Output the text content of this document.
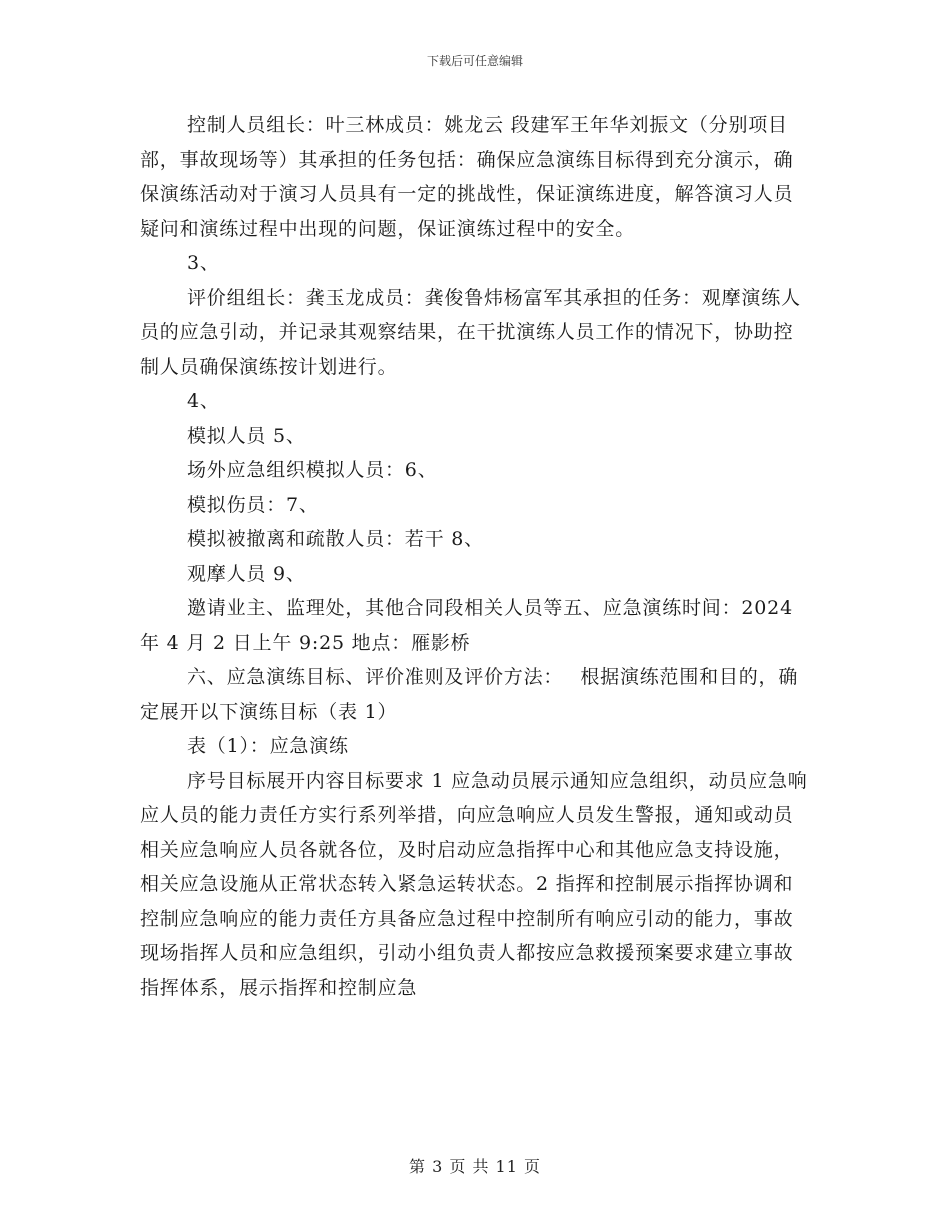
下载后可任意编辑

控制人员组长：叶三林成员：姚龙云 段建军王年华刘振文（分别项目部，事故现场等）其承担的任务包括：确保应急演练目标得到充分演示，确保演练活动对于演习人员具有一定的挑战性，保证演练进度，解答演习人员疑问和演练过程中出现的问题，保证演练过程中的安全。

3、

评价组组长：龚玉龙成员：龚俊鲁炜杨富军其承担的任务：观摩演练人员的应急引动，并记录其观察结果，在干扰演练人员工作的情况下，协助控制人员确保演练按计划进行。

4、

模拟人员 5、

场外应急组织模拟人员：6、

模拟伤员：7、

模拟被撤离和疏散人员：若干 8、

观摩人员 9、

邀请业主、监理处，其他合同段相关人员等五、应急演练时间：2024 年 4 月 2 日上午 9:25 地点：雁影桥

六、应急演练目标、评价准则及评价方法：　 根据演练范围和目的，确定展开以下演练目标（表 1）

表（1）：应急演练

序号目标展开内容目标要求 1 应急动员展示通知应急组织，动员应急响应人员的能力责任方实行系列举措，向应急响应人员发生警报，通知或动员相关应急响应人员各就各位，及时启动应急指挥中心和其他应急支持设施，相关应急设施从正常状态转入紧急运转状态。2 指挥和控制展示指挥协调和控制应急响应的能力责任方具备应急过程中控制所有响应引动的能力，事故现场指挥人员和应急组织，引动小组负责人都按应急救援预案要求建立事故指挥体系，展示指挥和控制应急

第 3 页 共 11 页
